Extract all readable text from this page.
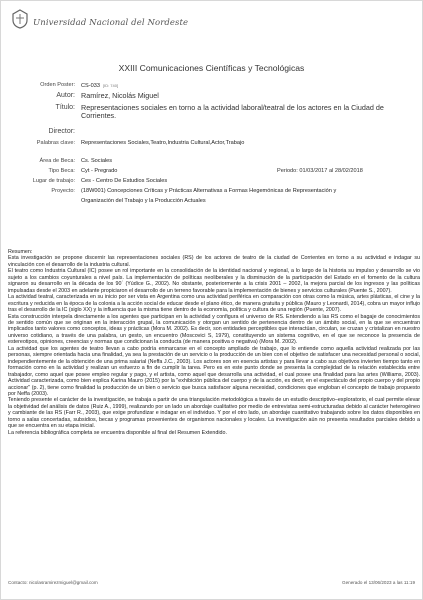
Universidad Nacional del Nordeste
XXIII Comunicaciones Científicas y Tecnológicas
Orden Poster: CS-033 [ID: 740]
Autor: Ramírez, Nicolás Miguel
Título: Representaciones sociales en torno a la actividad laboral/teatral de los actores en la Ciudad de Corrientes.
Director:
Palabras clave: Representaciones Sociales,Teatro,Industria Cultural,Actor,Trabajo
Área de Beca: Cs. Sociales
Tipo Beca: Cyt - Pregrado	Periodo: 01/03/2017 al 28/02/2018
Lugar de trabajo: Ces - Centro De Estudios Sociales
Proyecto: (18W001) Concepciones Críticas y Prácticas Alternativas a Formas Hegemónicas de Representación y
Organización del Trabajo y la Producción Actuales

Resumen:

Esta investigación se propone discernir las representaciones sociales (RS) de los actores de teatro de la ciudad de Corrientes en torno a su actividad e indagar su vinculación con el desarrollo de la industria cultural.

El teatro como Industria Cultural (IC) posee un rol importante en la consolidación de la identidad nacional y regional, a lo largo de la historia su impulso y desarrollo se vio sujeto a los cambios coyunturales a nivel país. La implementación de políticas neoliberales y la disminución de la participación del Estado en el fomento de la cultura signaron su desarrollo en la década de los 90´ (Yúdice G., 2002). No obstante, posteriormente a la crisis 2001 – 2002, la mejora parcial de los ingresos y las políticas impulsadas desde el 2003 en adelante propiciaron el desarrollo de un terreno favorable para la implementación de bienes y servicios culturales (Puente S., 2007).

La actividad teatral, caracterizada en su inicio por ser vista en Argentina como una actividad periférica en comparación con otras como la música, artes plásticas, el cine y la escritura y reducida en la época de la colonia a la acción social de educar desde el plano ético, de manera gratuita y pública (Mauro y Leonardi, 2014), cobra un mayor influjo tras el desarrollo de la IC (siglo XX) y la influencia que la misma tiene dentro de la economía, política y cultura de una región (Puente, 2007).

Esta construcción interpela directamente a los agentes que participan en la actividad y configura el universo de RS. Entendiendo a las RS como el bagaje de conocimientos de sentido común que se originan en la interacción grupal, la comunicación y otorgan un sentido de pertenencia dentro de un ámbito social, en la que se encuentran implicados tanto valores como conceptos, ideas y prácticas (Mora M. 2002). Es decir, son entidades perceptibles que interactúan, circulan, se cruzan y cristalizan en nuestro universo cotidiano, a través de una palabra, un gesto, un encuentro (Moscovici S, 1979), constituyendo un sistema cognitivo, en el que se reconoce la presencia de estereotipos, opiniones, creencias y normas que condicionan la conducta (de manera positiva o negativa) (Mora M. 2002).

La actividad que los agentes de teatro llevan a cabo podría enmarcarse en el concepto ampliado de trabajo, que lo entiende como aquella actividad realizada por las personas, siempre orientada hacia una finalidad, ya sea la prestación de un servicio o la producción de un bien con el objetivo de satisfacer una necesidad personal o social, independientemente de la obtención de una prima salarial (Neffa J.C., 2003). Los actores son en esencia artistas y para llevar a cabo sus objetivos invierten tiempo tanto en formación como en la actividad y realizan un esfuerzo a fin de cumplir la tarea. Pero es en este punto donde se presenta la complejidad de la relación establecida entre trabajador, como aquel que posee empleo regular y pago, y el artista, como aquel que desarrolla una actividad, el cual posee una finalidad para las artes (Williams, 2003). Actividad caracterizada, como bien explica Karina Mauro (2015) por la "exhibición pública del cuerpo y de la acción, es decir, en el espectáculo del propio cuerpo y del propio accionar" (p. 2), tiene como finalidad la producción de un bien o servicio que busca satisfacer alguna necesidad, condiciones que engloban el concepto de trabajo propuesto por Neffa (2003).

Teniendo presente el carácter de la investigación, se trabaja a partir de una triangulación metodológica a través de un estudio descriptivo–exploratorio, el cual permite elevar la objetividad del análisis de datos (Ruiz A., 1999), realizando por un lado un abordaje cualitativo por medio de entrevistas semi-estructuradas debido al carácter heterogéneo y cambiante de las RS (Farr R., 2003), que exige profundizar e indagar en el individuo. Y por el otro lado, un abordaje cuantitativo trabajando sobre los datos disponibles en torno a salas concertadas, subsidios, becas y programas provenientes de organismos nacionales y locales. La investigación aún no presenta resultados parciales debido a que se encuentra en su etapa inicial.

La referencia bibliográfica completa se encuentra disponible al final del Resumen Extendido.

Contacto: nicolasramirezmiguel@gmail.com	Generado el 13/06/2023 a las 11:19
